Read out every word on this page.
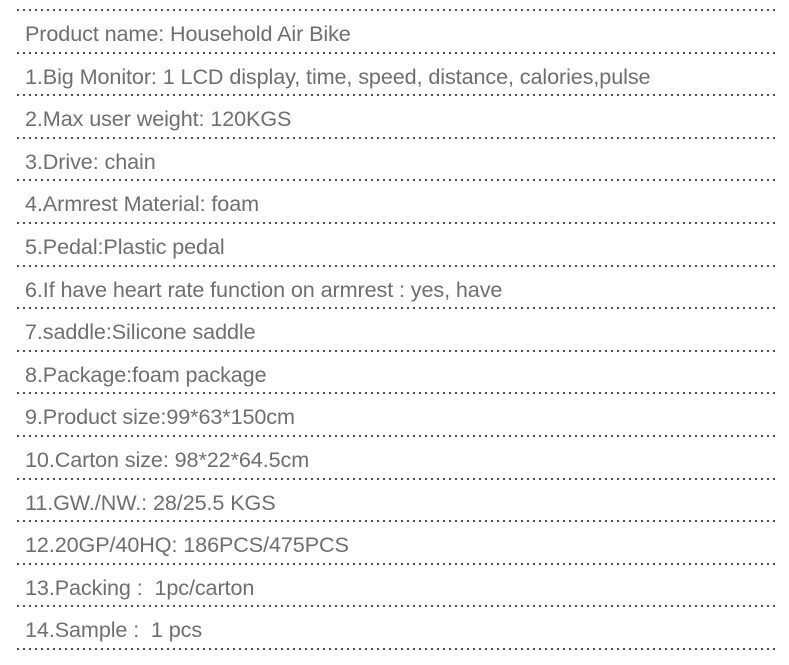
Product name: Household Air Bike
1.Big Monitor: 1 LCD display, time, speed, distance, calories,pulse
2.Max user weight: 120KGS
3.Drive: chain
4.Armrest Material: foam
5.Pedal:Plastic pedal
6.If have heart rate function on armrest : yes, have
7.saddle:Silicone saddle
8.Package:foam package
9.Product size:99*63*150cm
10.Carton size: 98*22*64.5cm
11.GW./NW.: 28/25.5 KGS
12.20GP/40HQ: 186PCS/475PCS
13.Packing :  1pc/carton
14.Sample :  1 pcs
